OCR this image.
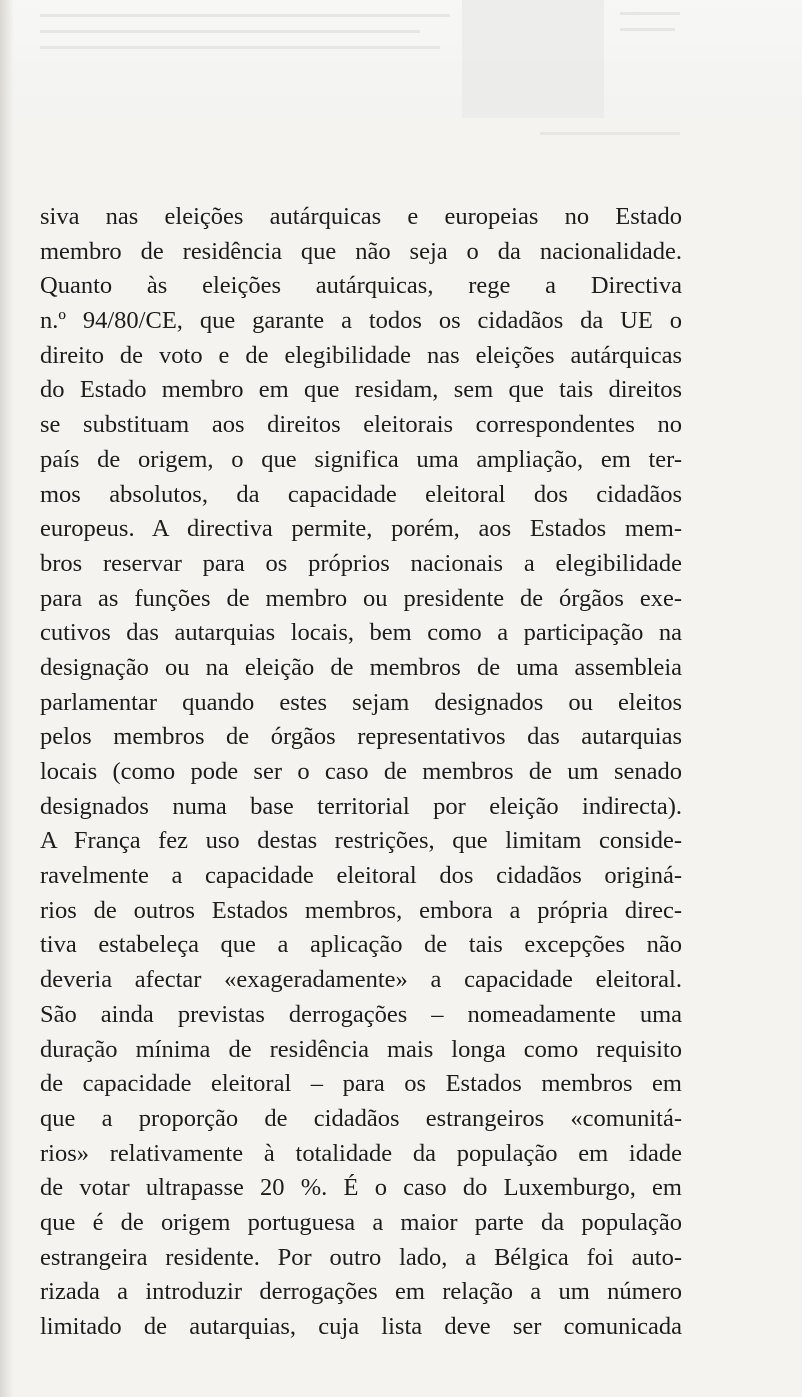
siva nas eleições autárquicas e europeias no Estado
membro de residência que não seja o da nacionalidade.
Quanto às eleições autárquicas, rege a Directiva
n.º 94/80/CE, que garante a todos os cidadãos da UE o
direito de voto e de elegibilidade nas eleições autárquicas
do Estado membro em que residam, sem que tais direitos
se substituam aos direitos eleitorais correspondentes no
país de origem, o que significa uma ampliação, em ter-
mos absolutos, da capacidade eleitoral dos cidadãos
europeus. A directiva permite, porém, aos Estados mem-
bros reservar para os próprios nacionais a elegibilidade
para as funções de membro ou presidente de órgãos exe-
cutivos das autarquias locais, bem como a participação na
designação ou na eleição de membros de uma assembleia
parlamentar quando estes sejam designados ou eleitos
pelos membros de órgãos representativos das autarquias
locais (como pode ser o caso de membros de um senado
designados numa base territorial por eleição indirecta).
A França fez uso destas restrições, que limitam conside-
ravelmente a capacidade eleitoral dos cidadãos originá-
rios de outros Estados membros, embora a própria direc-
tiva estabeleça que a aplicação de tais excepções não
deveria afectar «exageradamente» a capacidade eleitoral.
São ainda previstas derrogações – nomeadamente uma
duração mínima de residência mais longa como requisito
de capacidade eleitoral – para os Estados membros em
que a proporção de cidadãos estrangeiros «comunitá-
rios» relativamente à totalidade da população em idade
de votar ultrapasse 20 %. É o caso do Luxemburgo, em
que é de origem portuguesa a maior parte da população
estrangeira residente. Por outro lado, a Bélgica foi auto-
rizada a introduzir derrogações em relação a um número
limitado de autarquias, cuja lista deve ser comunicada
